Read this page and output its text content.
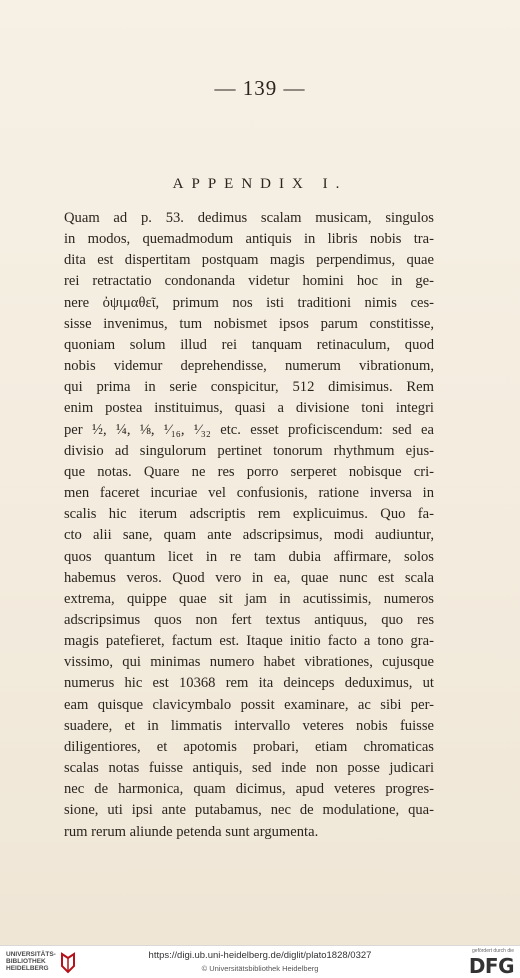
— 139 —
APPENDIX I.
Quam ad p. 53. dedimus scalam musicam, singulos
in modos, quemadmodum antiquis in libris nobis tra-
dita est dispertitam postquam magis perpendimus, quae
rei retractatio condonanda videtur homini hoc in ge-
nere ὀψιμαθεῖ, primum nos isti traditioni nimis ces-
sisse invenimus, tum nobismet ipsos parum constitisse,
quoniam solum illud rei tanquam retinaculum, quod
nobis videmur deprehendisse, numerum vibrationum,
qui prima in serie conspicitur, 512 dimisimus. Rem
enim postea instituimus, quasi a divisione toni integri
per ½, ¼, ⅛, ¹⁄₁₆, ¹⁄₃₂ etc. esset proficiscendum: sed ea
divisio ad singulorum pertinet tonorum rhythmum ejus-
que notas. Quare ne res porro serperet nobisque cri-
men faceret incuriae vel confusionis, ratione inversa in
scalis hic iterum adscriptis rem explicuimus. Quo fa-
cto alii sane, quam ante adscripsimus, modi audiuntur,
quos quantum licet in re tam dubia affirmare, solos
habemus veros. Quod vero in ea, quae nunc est scala
extrema, quippe quae sit jam in acutissimis, numeros
adscripsimus quos non fert textus antiquus, quo res
magis patefieret, factum est. Itaque initio facto a tono gra-
vissimo, qui minimas numero habet vibrationes, cujusque
numerus hic est 10368 rem ita deinceps deduximus, ut
eam quisque clavicymbalo possit examinare, ac sibi per-
suadere, et in limmatis intervallo veteres nobis fuisse
diligentiores, et apotomis probari, etiam chromaticas
scalas notas fuisse antiquis, sed inde non posse judicari
nec de harmonica, quam dicimus, apud veteres progres-
sione, uti ipsi ante putabamus, nec de modulatione, qua-
rum rerum aliunde petenda sunt argumenta.
UNIVERSITÄTS-
BIBLIOTHEK
HEIDELBERG
https://digi.ub.uni-heidelberg.de/diglit/plato1828/0327
© Universitätsbibliothek Heidelberg
gefördert durch die
DFG
